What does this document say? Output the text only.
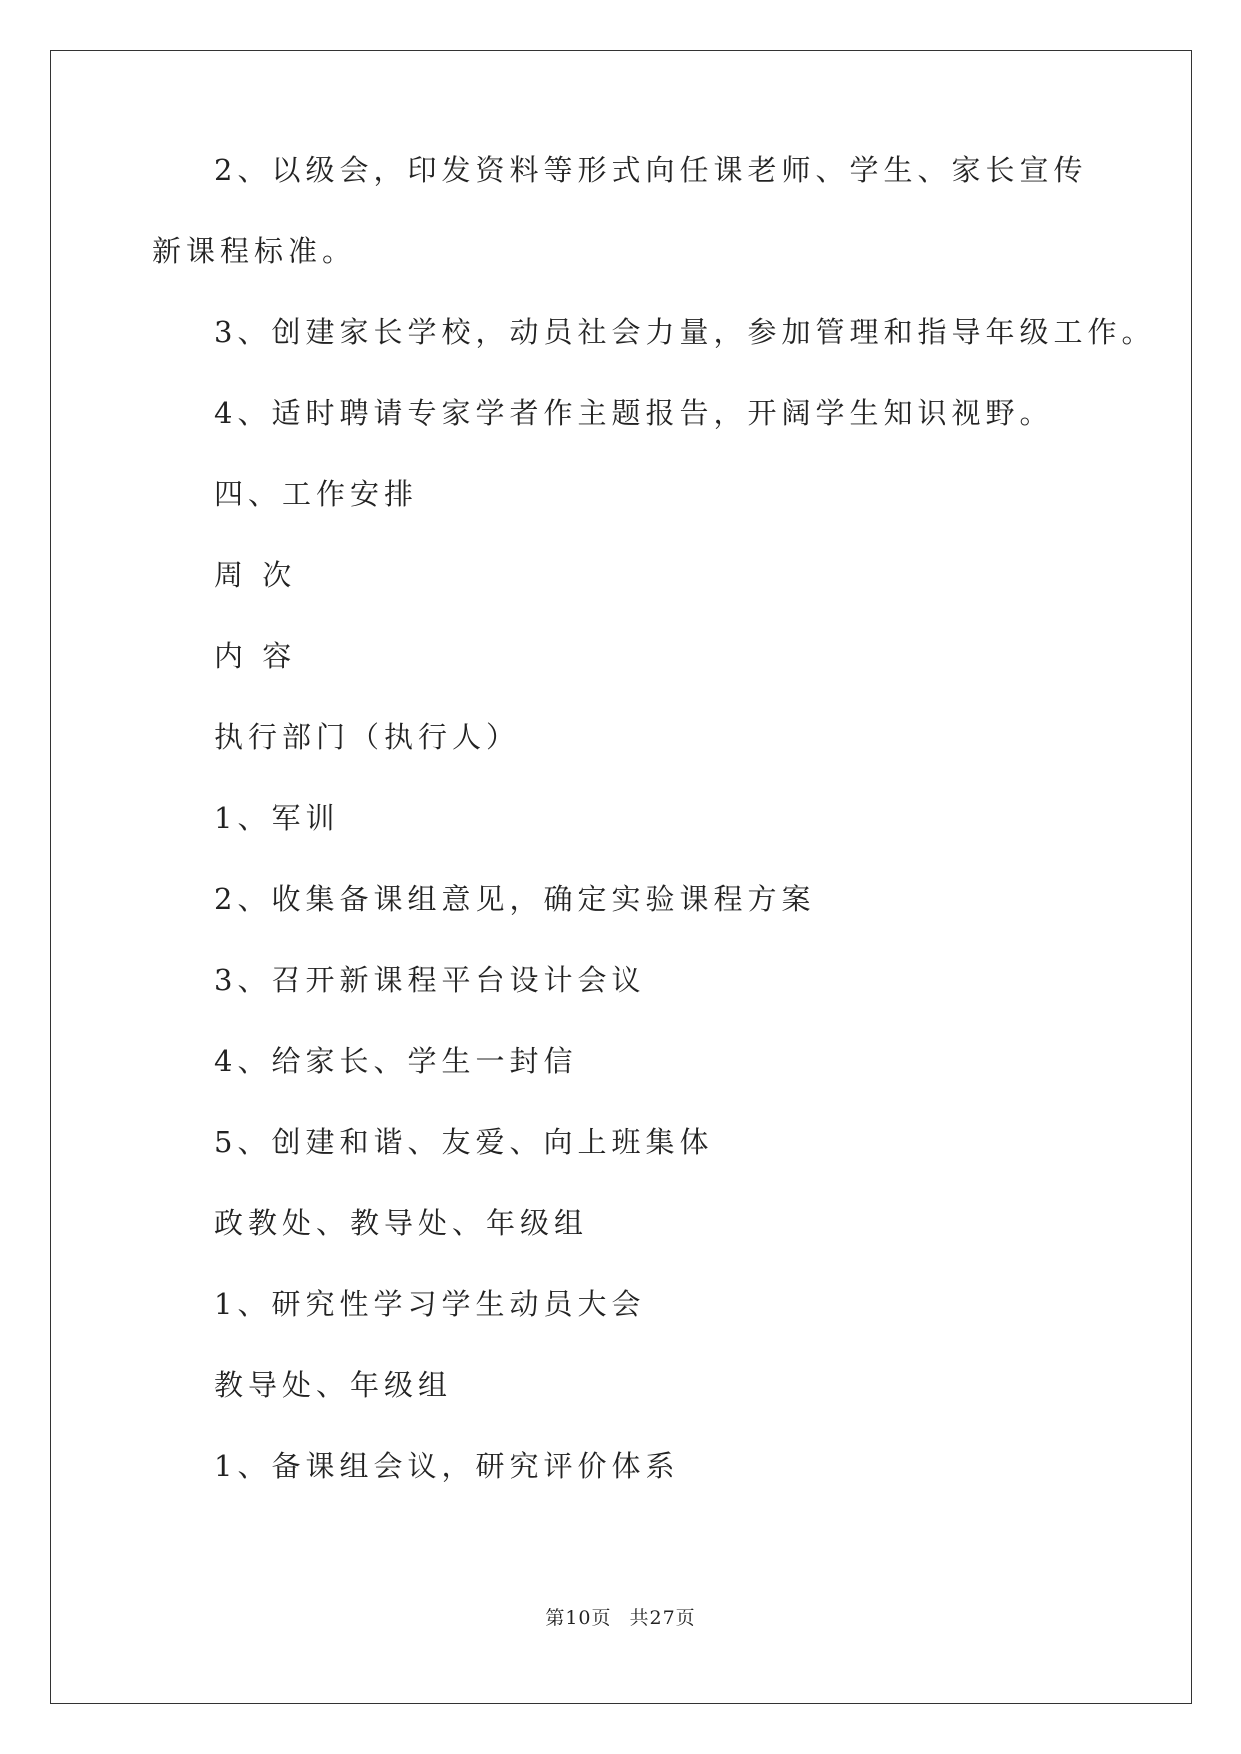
2、以级会，印发资料等形式向任课老师、学生、家长宣传新课程标准。

3、创建家长学校，动员社会力量，参加管理和指导年级工作。

4、适时聘请专家学者作主题报告，开阔学生知识视野。

四、工作安排

周 次

内 容

执行部门（执行人）

1、军训

2、收集备课组意见，确定实验课程方案

3、召开新课程平台设计会议

4、给家长、学生一封信

5、创建和谐、友爱、向上班集体

政教处、教导处、年级组

1、研究性学习学生动员大会

教导处、年级组

1、备课组会议，研究评价体系

第10页 共27页
